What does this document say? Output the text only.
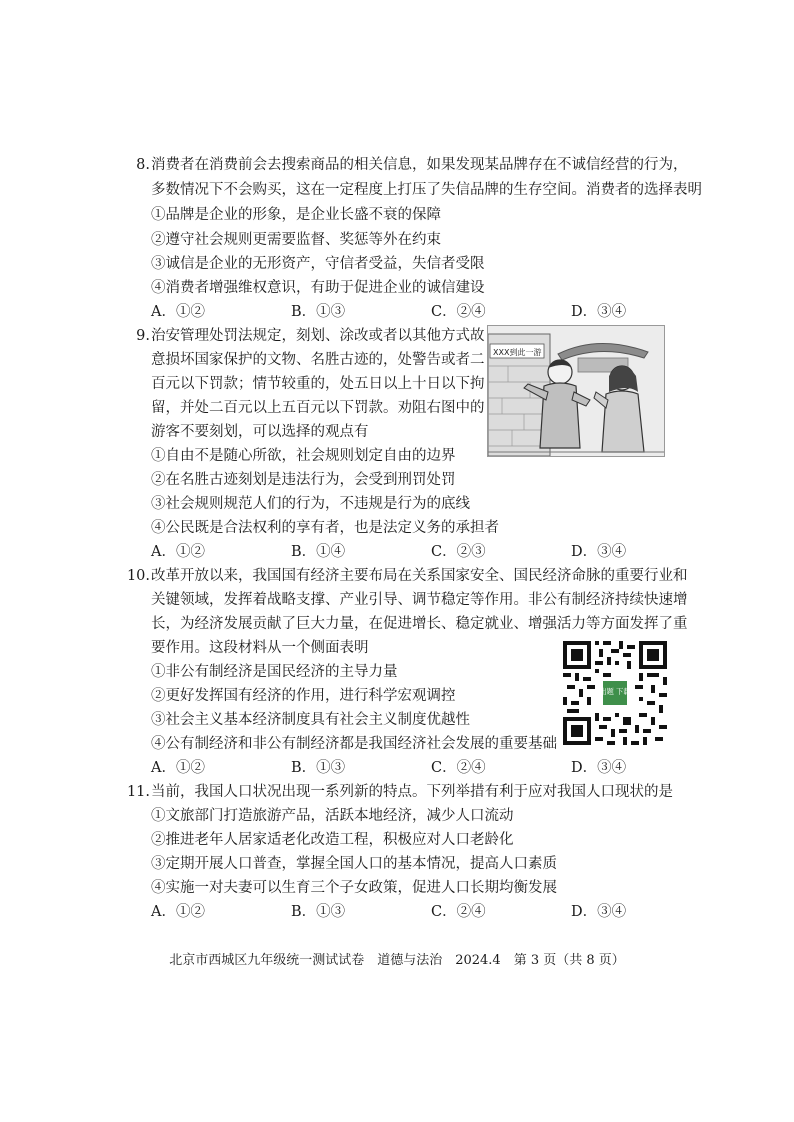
8. 消费者在消费前会去搜索商品的相关信息，如果发现某品牌存在不诚信经营的行为，
多数情况下不会购买，这在一定程度上打压了失信品牌的生存空间。消费者的选择表明
①品牌是企业的形象，是企业长盛不衰的保障
②遵守社会规则更需要监督、奖惩等外在约束
③诚信是企业的无形资产，守信者受益，失信者受限
④消费者增强维权意识，有助于促进企业的诚信建设
A．①②	B．①③	C．②④	D．③④
9. 治安管理处罚法规定，刻划、涂改或者以其他方式故
意损坏国家保护的文物、名胜古迹的，处警告或者二
百元以下罚款；情节较重的，处五日以上十日以下拘
留，并处二百元以上五百元以下罚款。劝阻右图中的
游客不要刻划，可以选择的观点有
①自由不是随心所欲，社会规则划定自由的边界
②在名胜古迹刻划是违法行为，会受到刑罚处罚
③社会规则规范人们的行为，不违规是行为的底线
④公民既是合法权利的享有者，也是法定义务的承担者
A．①②	B．①④	C．②③	D．③④
XXX到此一游
10. 改革开放以来，我国国有经济主要布局在关系国家安全、国民经济命脉的重要行业和
关键领域，发挥着战略支撑、产业引导、调节稳定等作用。非公有制经济持续快速增
长，为经济发展贡献了巨大力量，在促进增长、稳定就业、增强活力等方面发挥了重
要作用。这段材料从一个侧面表明
①非公有制经济是国民经济的主导力量
②更好发挥国有经济的作用，进行科学宏观调控
③社会主义基本经济制度具有社会主义制度优越性
④公有制经济和非公有制经济都是我国经济社会发展的重要基础
A．①②	B．①③	C．②④	D．③④
出题 下载
11. 当前，我国人口状况出现一系列新的特点。下列举措有利于应对我国人口现状的是
①文旅部门打造旅游产品，活跃本地经济，减少人口流动
②推进老年人居家适老化改造工程，积极应对人口老龄化
③定期开展人口普查，掌握全国人口的基本情况，提高人口素质
④实施一对夫妻可以生育三个子女政策，促进人口长期均衡发展
A．①②	B．①③	C．②④	D．③④
北京市西城区九年级统一测试试卷　道德与法治　2024.4　第 3 页（共 8 页）
